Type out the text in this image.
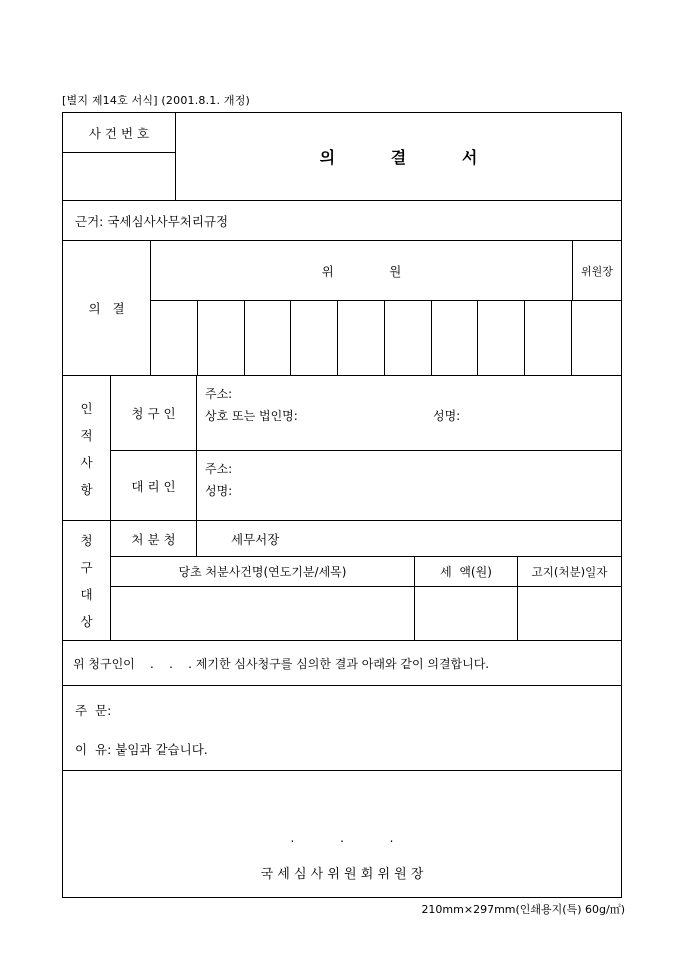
[별지 제14호 서식] (2001.8.1. 개정)
사 건 번 호
의          결          서
근거: 국세심사사무처리규정
의   결
위              원	위원장
인
적
사
항
청 구 인
주소:
상호 또는 법인명:	성명:
대 리 인
주소:
성명:
청
구
대
상
처 분 청	세무서장
당초 처분사건명(연도기분/세목)	세  액(원)	고지(처분)일자
위 청구인이    .    .    . 제기한 심사청구를 심의한 결과 아래와 같이 의결합니다.
주  문:
이  유: 붙임과 같습니다.
.            .            .
국 세 심 사 위 원 회 위 원 장
210mm×297mm(인쇄용지(특) 60g/㎡)
